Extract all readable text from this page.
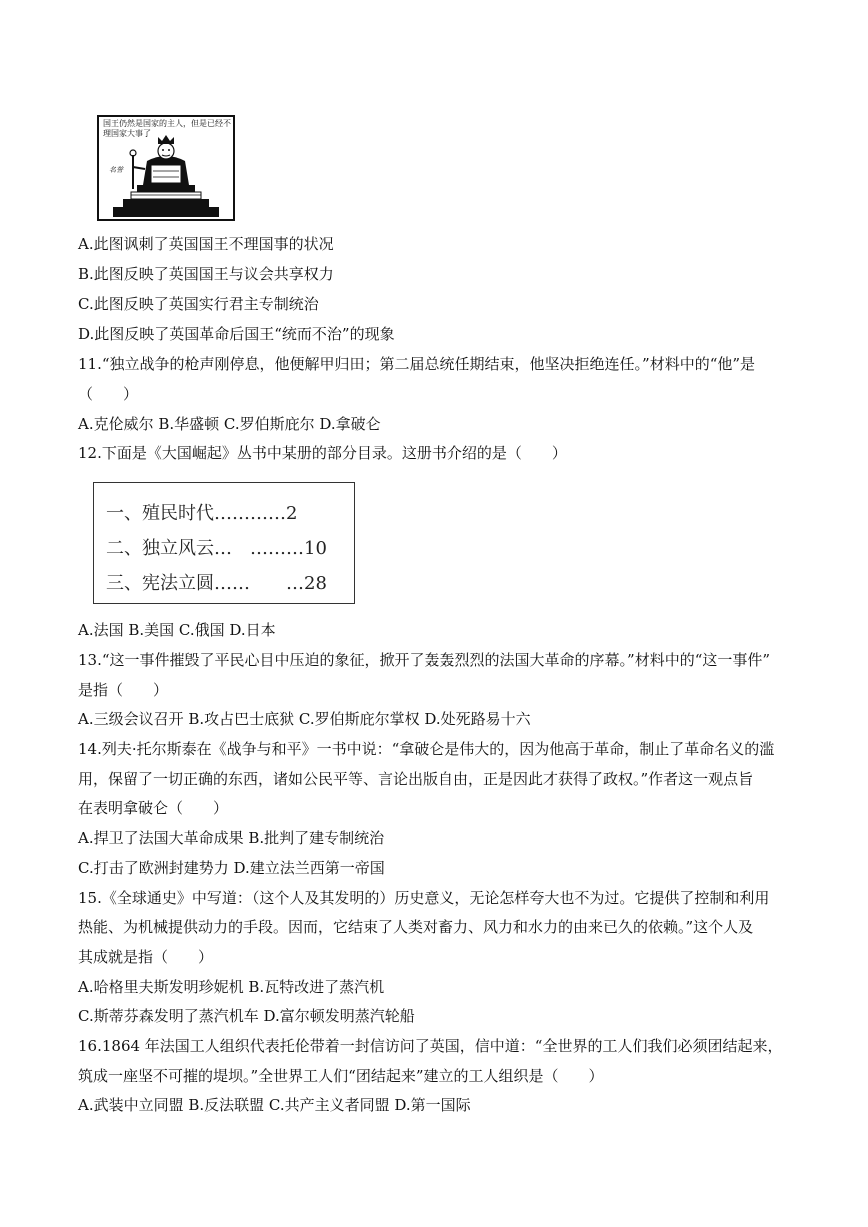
国王仍然是国家的主人，但是已经不理国家大事了
名誉
A.此图讽刺了英国国王不理国事的状况
B.此图反映了英国国王与议会共享权力
C.此图反映了英国实行君主专制统治
D.此图反映了英国革命后国王“统而不治”的现象
11.“独立战争的枪声刚停息，他便解甲归田；第二届总统任期结束，他坚决拒绝连任。”材料中的“他”是
（　　）
A.克伦威尔 B.华盛顿 C.罗伯斯庇尔 D.拿破仑
12.下面是《大国崛起》丛书中某册的部分目录。这册书介绍的是（　　）
一、殖民时代…………2
二、独立风云…　………10
三、宪法立圆……　　…28
A.法国 B.美国 C.俄国 D.日本
13.“这一事件摧毁了平民心目中压迫的象征，掀开了轰轰烈烈的法国大革命的序幕。”材料中的“这一事件”
是指（　　）
A.三级会议召开 B.攻占巴士底狱 C.罗伯斯庇尔掌权 D.处死路易十六
14.列夫·托尔斯泰在《战争与和平》一书中说：“拿破仑是伟大的，因为他高于革命，制止了革命名义的滥
用，保留了一切正确的东西，诸如公民平等、言论出版自由，正是因此才获得了政权。”作者这一观点旨
在表明拿破仑（　　）
A.捍卫了法国大革命成果 B.批判了建专制统治
C.打击了欧洲封建势力 D.建立法兰西第一帝国
15.《全球通史》中写道：（这个人及其发明的）历史意义，无论怎样夸大也不为过。它提供了控制和利用
热能、为机械提供动力的手段。因而，它结束了人类对畜力、风力和水力的由来已久的依赖。”这个人及
其成就是指（　　）
A.哈格里夫斯发明珍妮机 B.瓦特改进了蒸汽机
C.斯蒂芬森发明了蒸汽机车 D.富尔顿发明蒸汽轮船
16.1864 年法国工人组织代表托伦带着一封信访问了英国，信中道：“全世界的工人们我们必须团结起来，
筑成一座坚不可摧的堤坝。”全世界工人们“团结起来”建立的工人组织是（　　）
A.武装中立同盟 B.反法联盟 C.共产主义者同盟 D.第一国际
